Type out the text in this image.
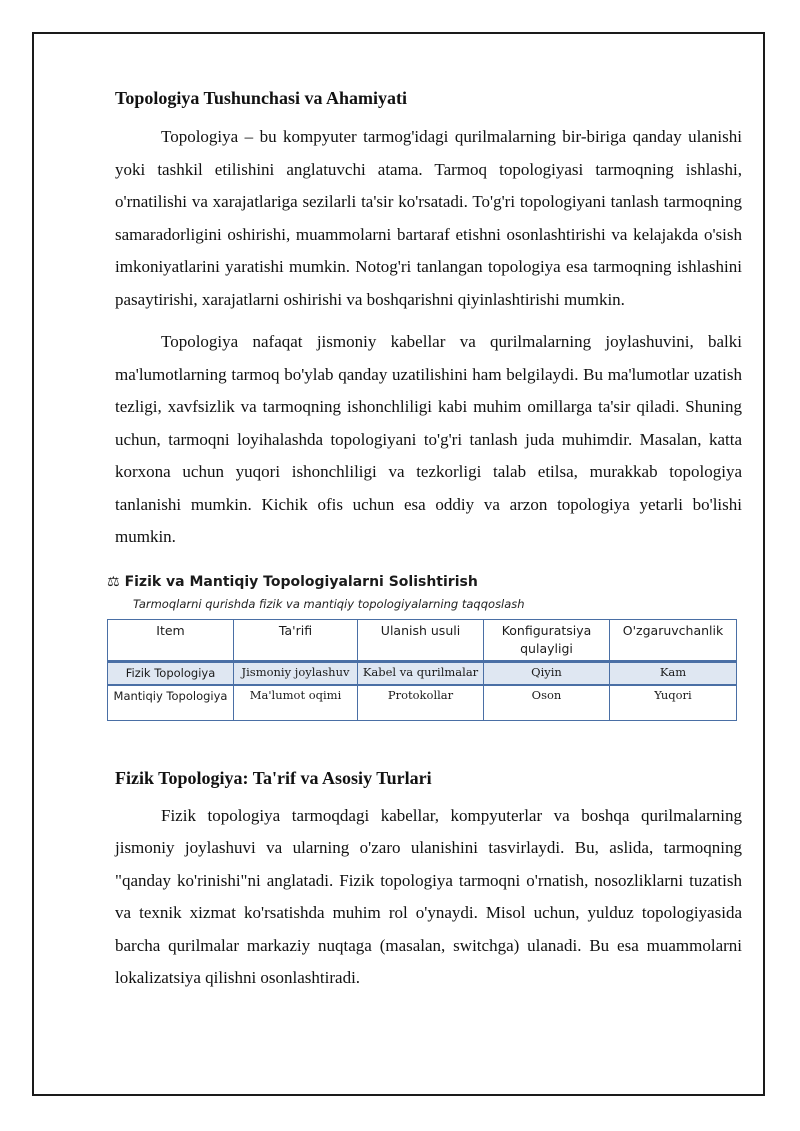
Topologiya Tushunchasi va Ahamiyati

Topologiya – bu kompyuter tarmog'idagi qurilmalarning bir-biriga qanday ulanishi yoki tashkil etilishini anglatuvchi atama. Tarmoq topologiyasi tarmoqning ishlashi, o'rnatilishi va xarajatlariga sezilarli ta'sir ko'rsatadi. To'g'ri topologiyani tanlash tarmoqning samaradorligini oshirishi, muammolarni bartaraf etishni osonlashtirishi va kelajakda o'sish imkoniyatlarini yaratishi mumkin. Notog'ri tanlangan topologiya esa tarmoqning ishlashini pasaytirishi, xarajatlarni oshirishi va boshqarishni qiyinlashtirishi mumkin.

Topologiya nafaqat jismoniy kabellar va qurilmalarning joylashuvini, balki ma'lumotlarning tarmoq bo'ylab qanday uzatilishini ham belgilaydi. Bu ma'lumotlar uzatish tezligi, xavfsizlik va tarmoqning ishonchliligi kabi muhim omillarga ta'sir qiladi. Shuning uchun, tarmoqni loyihalashda topologiyani to'g'ri tanlash juda muhimdir. Masalan, katta korxona uchun yuqori ishonchliligi va tezkorligi talab etilsa, murakkab topologiya tanlanishi mumkin. Kichik ofis uchun esa oddiy va arzon topologiya yetarli bo'lishi mumkin.

⚖ Fizik va Mantiqiy Topologiyalarni Solishtirish
Tarmoqlarni qurishda fizik va mantiqiy topologiyalarning taqqoslash
Item	Ta'rifi	Ulanish usuli	Konfiguratsiya qulayligi	O'zgaruvchanlik
Fizik Topologiya	Jismoniy joylashuv	Kabel va qurilmalar	Qiyin	Kam
Mantiqiy Topologiya	Ma'lumot oqimi	Protokollar	Oson	Yuqori
Fizik Topologiya: Ta'rif va Asosiy Turlari

Fizik topologiya tarmoqdagi kabellar, kompyuterlar va boshqa qurilmalarning jismoniy joylashuvi va ularning o'zaro ulanishini tasvirlaydi. Bu, aslida, tarmoqning "qanday ko'rinishi"ni anglatadi. Fizik topologiya tarmoqni o'rnatish, nosozliklarni tuzatish va texnik xizmat ko'rsatishda muhim rol o'ynaydi. Misol uchun, yulduz topologiyasida barcha qurilmalar markaziy nuqtaga (masalan, switchga) ulanadi. Bu esa muammolarni lokalizatsiya qilishni osonlashtiradi.
